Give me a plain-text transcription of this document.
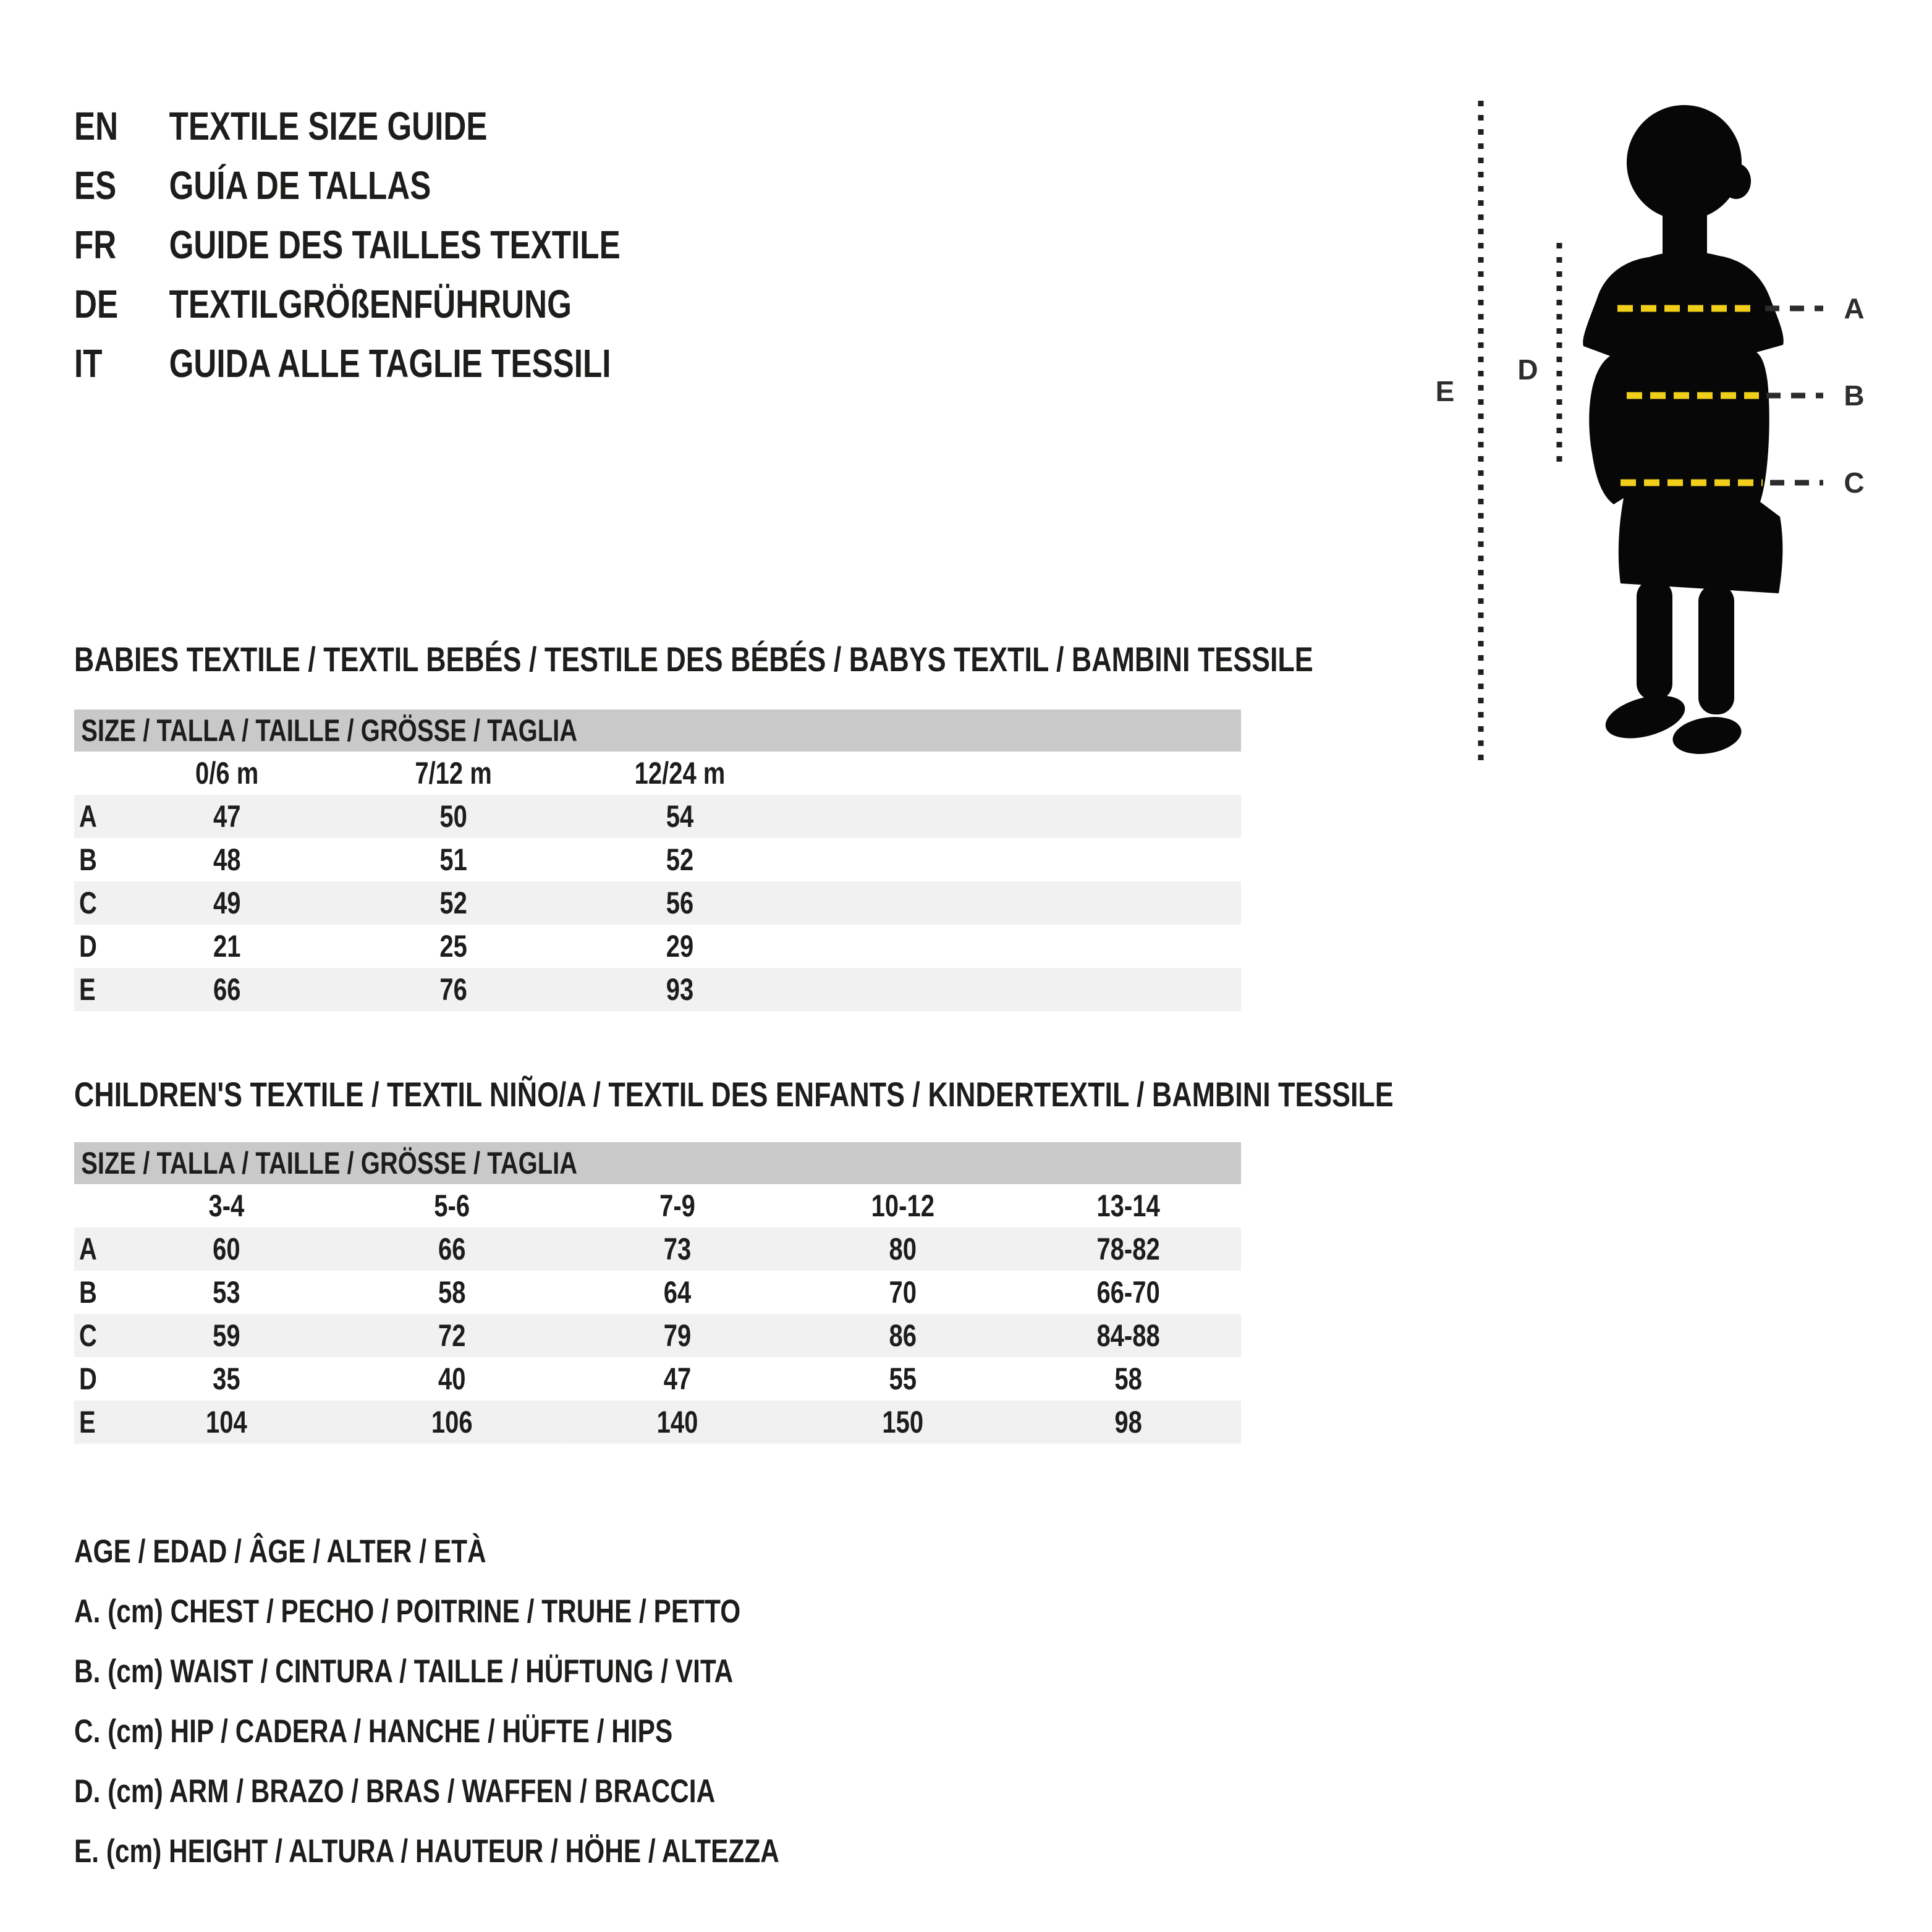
EN	TEXTILE SIZE GUIDE
ES	GUÍA DE TALLAS
FR	GUIDE DES TAILLES TEXTILE
DE	TEXTILGRÖßENFÜHRUNG
IT	GUIDA ALLE TAGLIE TESSILI
A
B
C
D
E
BABIES TEXTILE / TEXTIL BEBÉS / TESTILE DES BÉBÉS / BABYS TEXTIL / BAMBINI TESSILE
SIZE / TALLA / TAILLE / GRÖSSE / TAGLIA
	0/6 m	7/12 m	12/24 m	
A	47	50	54	
B	48	51	52	
C	49	52	56	
D	21	25	29	
E	66	76	93	
CHILDREN'S TEXTILE / TEXTIL NIÑO/A / TEXTIL DES ENFANTS / KINDERTEXTIL / BAMBINI TESSILE
SIZE / TALLA / TAILLE / GRÖSSE / TAGLIA
	3-4	5-6	7-9	10-12	13-14
A	60	66	73	80	78-82
B	53	58	64	70	66-70
C	59	72	79	86	84-88
D	35	40	47	55	58
E	104	106	140	150	98
AGE / EDAD / ÂGE / ALTER / ETÀ
A. (cm) CHEST / PECHO / POITRINE / TRUHE / PETTO
B. (cm) WAIST / CINTURA / TAILLE / HÜFTUNG / VITA
C. (cm) HIP / CADERA / HANCHE / HÜFTE / HIPS
D. (cm) ARM / BRAZO / BRAS / WAFFEN / BRACCIA
E. (cm) HEIGHT / ALTURA / HAUTEUR / HÖHE / ALTEZZA
